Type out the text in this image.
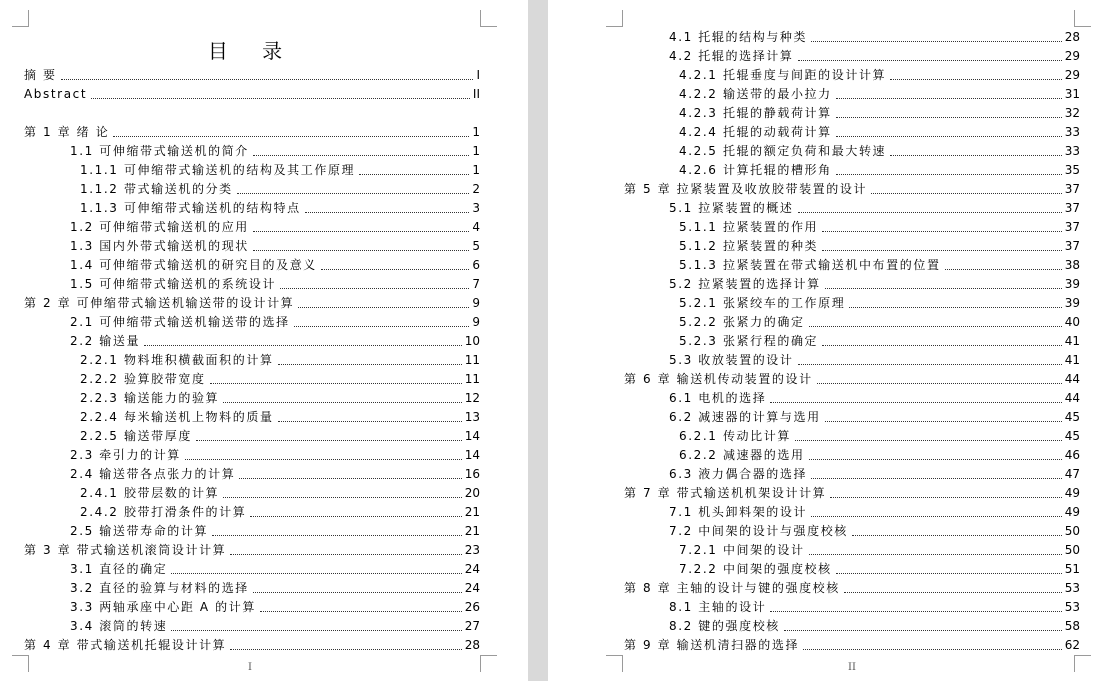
目 录
摘 要	I
Abstract	II
第 1 章 绪 论	1
1.1 可伸缩带式输送机的简介	1
1.1.1 可伸缩带式输送机的结构及其工作原理	1
1.1.2 带式输送机的分类	2
1.1.3 可伸缩带式输送机的结构特点	3
1.2 可伸缩带式输送机的应用	4
1.3 国内外带式输送机的现状	5
1.4 可伸缩带式输送机的研究目的及意义	6
1.5 可伸缩带式输送机的系统设计	7
第 2 章 可伸缩带式输送机输送带的设计计算	9
2.1 可伸缩带式输送机输送带的选择	9
2.2 输送量	10
2.2.1 物料堆积横截面积的计算	11
2.2.2 验算胶带宽度	11
2.2.3 输送能力的验算	12
2.2.4 每米输送机上物料的质量	13
2.2.5 输送带厚度	14
2.3 牵引力的计算	14
2.4 输送带各点张力的计算	16
2.4.1 胶带层数的计算	20
2.4.2 胶带打滑条件的计算	21
2.5 输送带寿命的计算	21
第 3 章 带式输送机滚筒设计计算	23
3.1 直径的确定	24
3.2 直径的验算与材料的选择	24
3.3 两轴承座中心距 A 的计算	26
3.4 滚筒的转速	27
第 4 章 带式输送机托辊设计计算	28
I
4.1 托辊的结构与种类	28
4.2 托辊的选择计算	29
4.2.1 托辊垂度与间距的设计计算	29
4.2.2 输送带的最小拉力	31
4.2.3 托辊的静载荷计算	32
4.2.4 托辊的动载荷计算	33
4.2.5 托辊的额定负荷和最大转速	33
4.2.6 计算托辊的槽形角	35
第 5 章 拉紧装置及收放胶带装置的设计	37
5.1 拉紧装置的概述	37
5.1.1 拉紧装置的作用	37
5.1.2 拉紧装置的种类	37
5.1.3 拉紧装置在带式输送机中布置的位置	38
5.2 拉紧装置的选择计算	39
5.2.1 张紧绞车的工作原理	39
5.2.2 张紧力的确定	40
5.2.3 张紧行程的确定	41
5.3 收放装置的设计	41
第 6 章 输送机传动装置的设计	44
6.1 电机的选择	44
6.2 减速器的计算与选用	45
6.2.1 传动比计算	45
6.2.2 减速器的选用	46
6.3 液力偶合器的选择	47
第 7 章 带式输送机机架设计计算	49
7.1 机头卸料架的设计	49
7.2 中间架的设计与强度校核	50
7.2.1 中间架的设计	50
7.2.2 中间架的强度校核	51
第 8 章 主轴的设计与键的强度校核	53
8.1 主轴的设计	53
8.2 键的强度校核	58
第 9 章 输送机清扫器的选择	62
II
